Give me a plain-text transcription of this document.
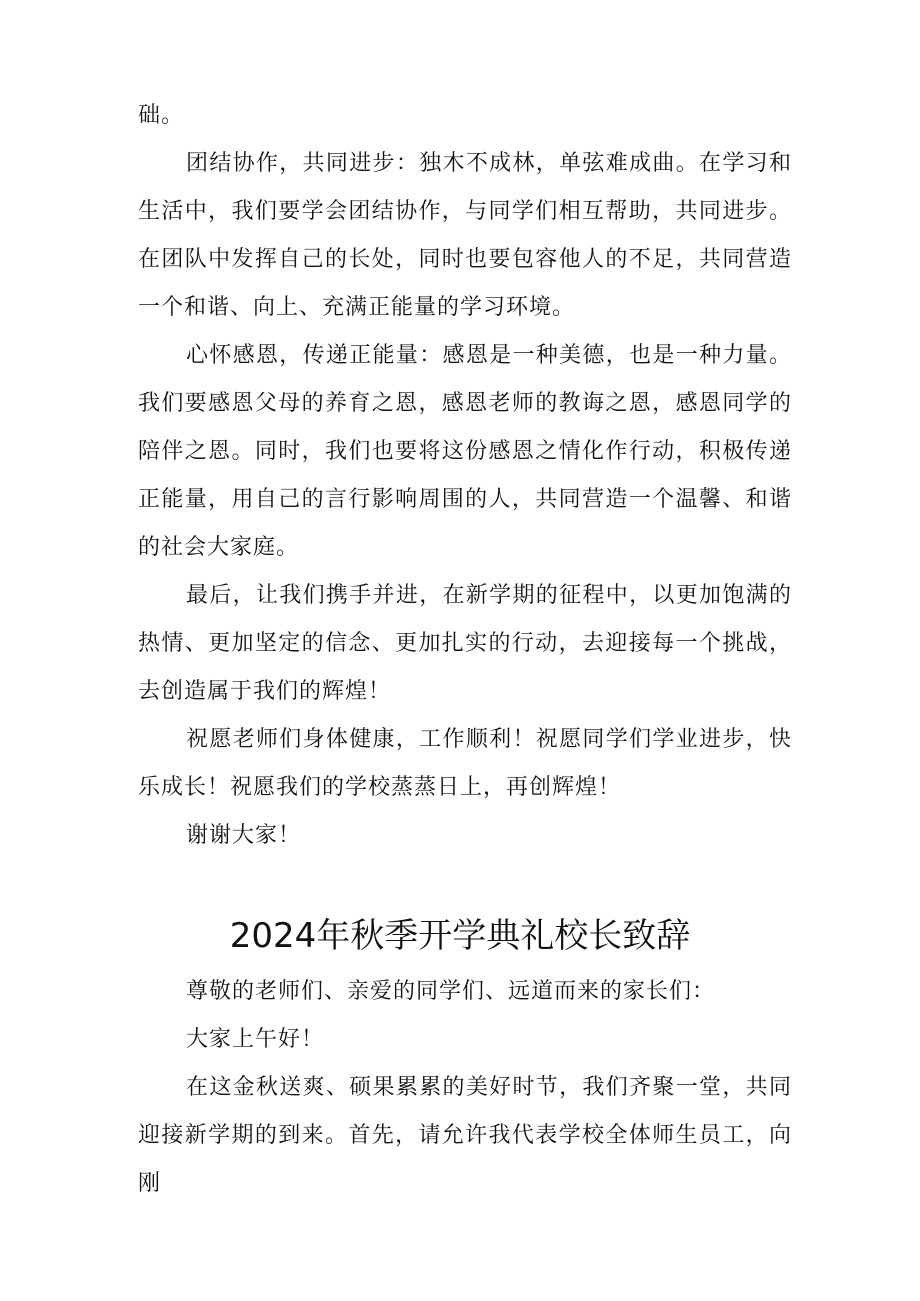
础。

团结协作，共同进步：独木不成林，单弦难成曲。在学习和生活中，我们要学会团结协作，与同学们相互帮助，共同进步。在团队中发挥自己的长处，同时也要包容他人的不足，共同营造一个和谐、向上、充满正能量的学习环境。

心怀感恩，传递正能量：感恩是一种美德，也是一种力量。我们要感恩父母的养育之恩，感恩老师的教诲之恩，感恩同学的陪伴之恩。同时，我们也要将这份感恩之情化作行动，积极传递正能量，用自己的言行影响周围的人，共同营造一个温馨、和谐的社会大家庭。

最后，让我们携手并进，在新学期的征程中，以更加饱满的热情、更加坚定的信念、更加扎实的行动，去迎接每一个挑战，去创造属于我们的辉煌！

祝愿老师们身体健康，工作顺利！祝愿同学们学业进步，快乐成长！祝愿我们的学校蒸蒸日上，再创辉煌！

谢谢大家！

2024年秋季开学典礼校长致辞

尊敬的老师们、亲爱的同学们、远道而来的家长们：

大家上午好！

在这金秋送爽、硕果累累的美好时节，我们齐聚一堂，共同迎接新学期的到来。首先，请允许我代表学校全体师生员工，向刚
